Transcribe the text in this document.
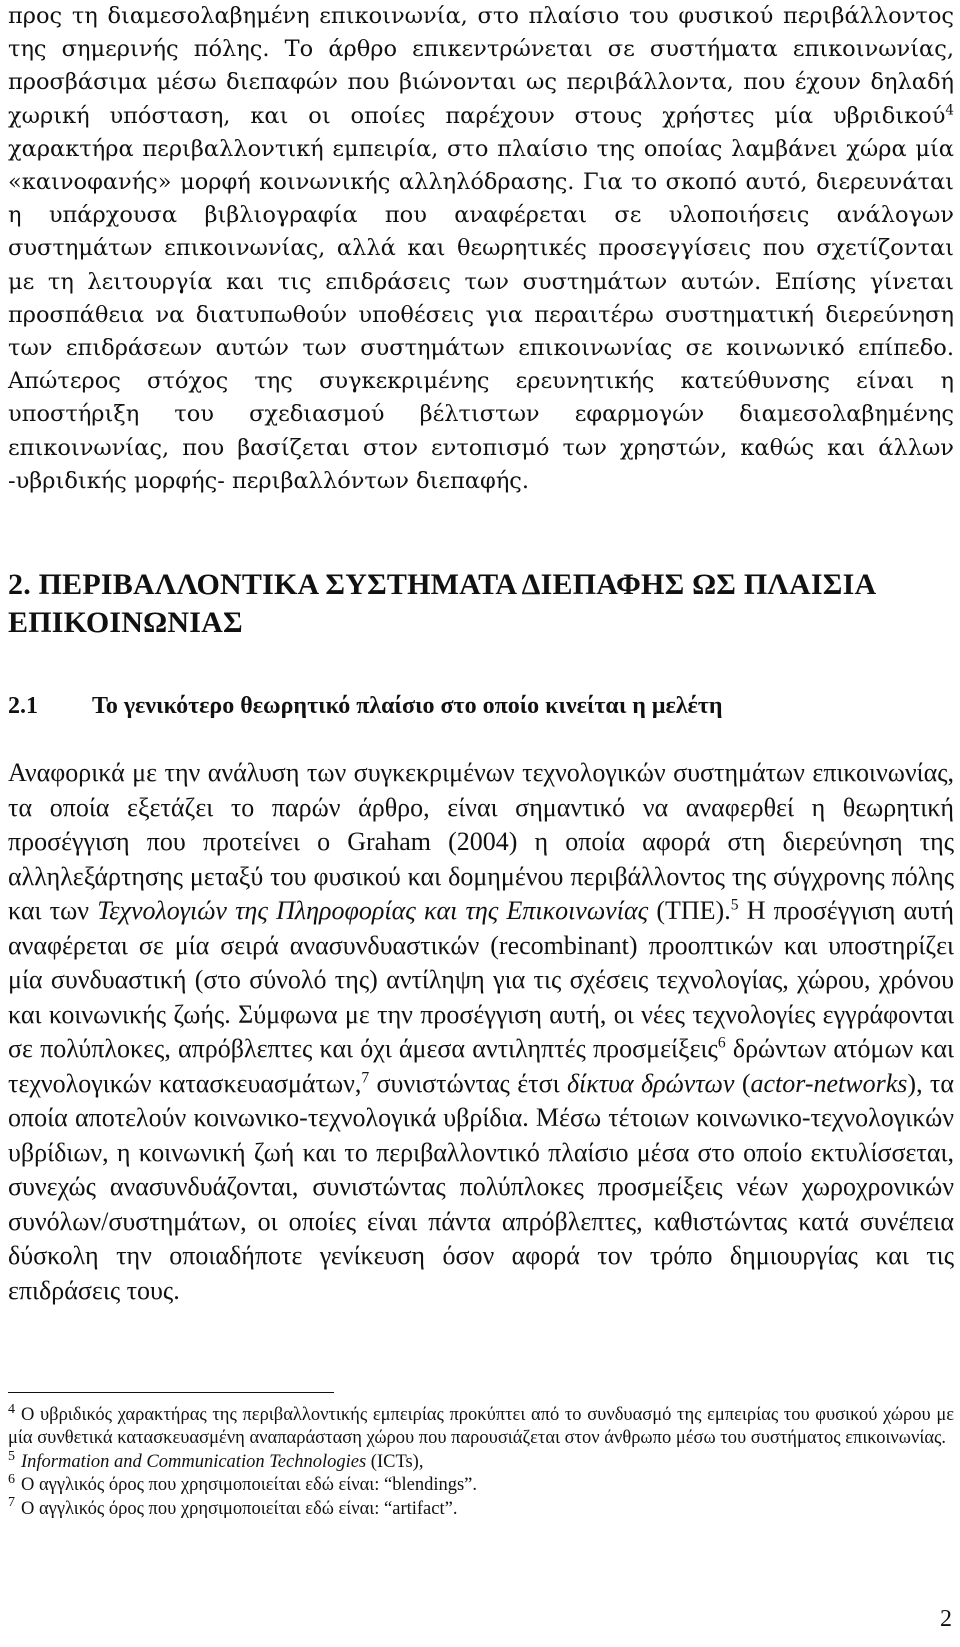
προς τη διαμεσολαβημένη επικοινωνία, στο πλαίσιο του φυσικού περιβάλλοντος της σημερινής πόλης. Το άρθρο επικεντρώνεται σε συστήματα επικοινωνίας, προσβάσιμα μέσω διεπαφών που βιώνονται ως περιβάλλοντα, που έχουν δηλαδή χωρική υπόσταση, και οι οποίες παρέχουν στους χρήστες μία υβριδικού$^4$ χαρακτήρα περιβαλλοντική εμπειρία, στο πλαίσιο της οποίας λαμβάνει χώρα μία «καινοφανής» μορφή κοινωνικής αλληλόδρασης. Για το σκοπό αυτό, διερευνάται η υπάρχουσα βιβλιογραφία που αναφέρεται σε υλοποιήσεις ανάλογων συστημάτων επικοινωνίας, αλλά και θεωρητικές προσεγγίσεις που σχετίζονται με τη λειτουργία και τις επιδράσεις των συστημάτων αυτών. Επίσης γίνεται προσπάθεια να διατυπωθούν υποθέσεις για περαιτέρω συστηματική διερεύνηση των επιδράσεων αυτών των συστημάτων επικοινωνίας σε κοινωνικό επίπεδο. Απώτερος στόχος της συγκεκριμένης ερευνητικής κατεύθυνσης είναι η υποστήριξη του σχεδιασμού βέλτιστων εφαρμογών διαμεσολαβημένης επικοινωνίας, που βασίζεται στον εντοπισμό των χρηστών, καθώς και άλλων -υβριδικής μορφής- περιβαλλόντων διεπαφής.

2. ΠΕΡΙΒΑΛΛΟΝΤΙΚΑ ΣΥΣΤΗΜΑΤΑ ΔΙΕΠΑΦΗΣ ΩΣ ΠΛΑΙΣΙΑ ΕΠΙΚΟΙΝΩΝΙΑΣ
2.1 Το γενικότερο θεωρητικό πλαίσιο στο οποίο κινείται η μελέτη

Αναφορικά με την ανάλυση των συγκεκριμένων τεχνολογικών συστημάτων επικοινωνίας, τα οποία εξετάζει το παρών άρθρο, είναι σημαντικό να αναφερθεί η θεωρητική προσέγγιση που προτείνει ο Graham (2004) η οποία αφορά στη διερεύνηση της αλληλεξάρτησης μεταξύ του φυσικού και δομημένου περιβάλλοντος της σύγχρονης πόλης και των Τεχνολογιών της Πληροφορίας και της Επικοινωνίας (ΤΠΕ).$^5$ Η προσέγγιση αυτή αναφέρεται σε μία σειρά ανασυνδυαστικών (recombinant) προοπτικών και υποστηρίζει μία συνδυαστική (στο σύνολό της) αντίληψη για τις σχέσεις τεχνολογίας, χώρου, χρόνου και κοινωνικής ζωής. Σύμφωνα με την προσέγγιση αυτή, οι νέες τεχνολογίες εγγράφονται σε πολύπλοκες, απρόβλεπτες και όχι άμεσα αντιληπτές προσμείξεις$^6$ δρώντων ατόμων και τεχνολογικών κατασκευασμάτων,$^7$ συνιστώντας έτσι δίκτυα δρώντων (actor-networks), τα οποία αποτελούν κοινωνικο-τεχνολογικά υβρίδια. Μέσω τέτοιων κοινωνικο-τεχνολογικών υβρίδιων, η κοινωνική ζωή και το περιβαλλοντικό πλαίσιο μέσα στο οποίο εκτυλίσσεται, συνεχώς ανασυνδυάζονται, συνιστώντας πολύπλοκες προσμείξεις νέων χωροχρονικών συνόλων/συστημάτων, οι οποίες είναι πάντα απρόβλεπτες, καθιστώντας κατά συνέπεια δύσκολη την οποιαδήποτε γενίκευση όσον αφορά τον τρόπο δημιουργίας και τις επιδράσεις τους.

$^4$ Ο υβριδικός χαρακτήρας της περιβαλλοντικής εμπειρίας προκύπτει από το συνδυασμό της εμπειρίας του φυσικού χώρου με μία συνθετικά κατασκευασμένη αναπαράσταση χώρου που παρουσιάζεται στον άνθρωπο μέσω του συστήματος επικοινωνίας.

$^5$ Information and Communication Technologies (ICTs),

$^6$ Ο αγγλικός όρος που χρησιμοποιείται εδώ είναι: “blendings”.

$^7$ Ο αγγλικός όρος που χρησιμοποιείται εδώ είναι: “artifact”.

2
